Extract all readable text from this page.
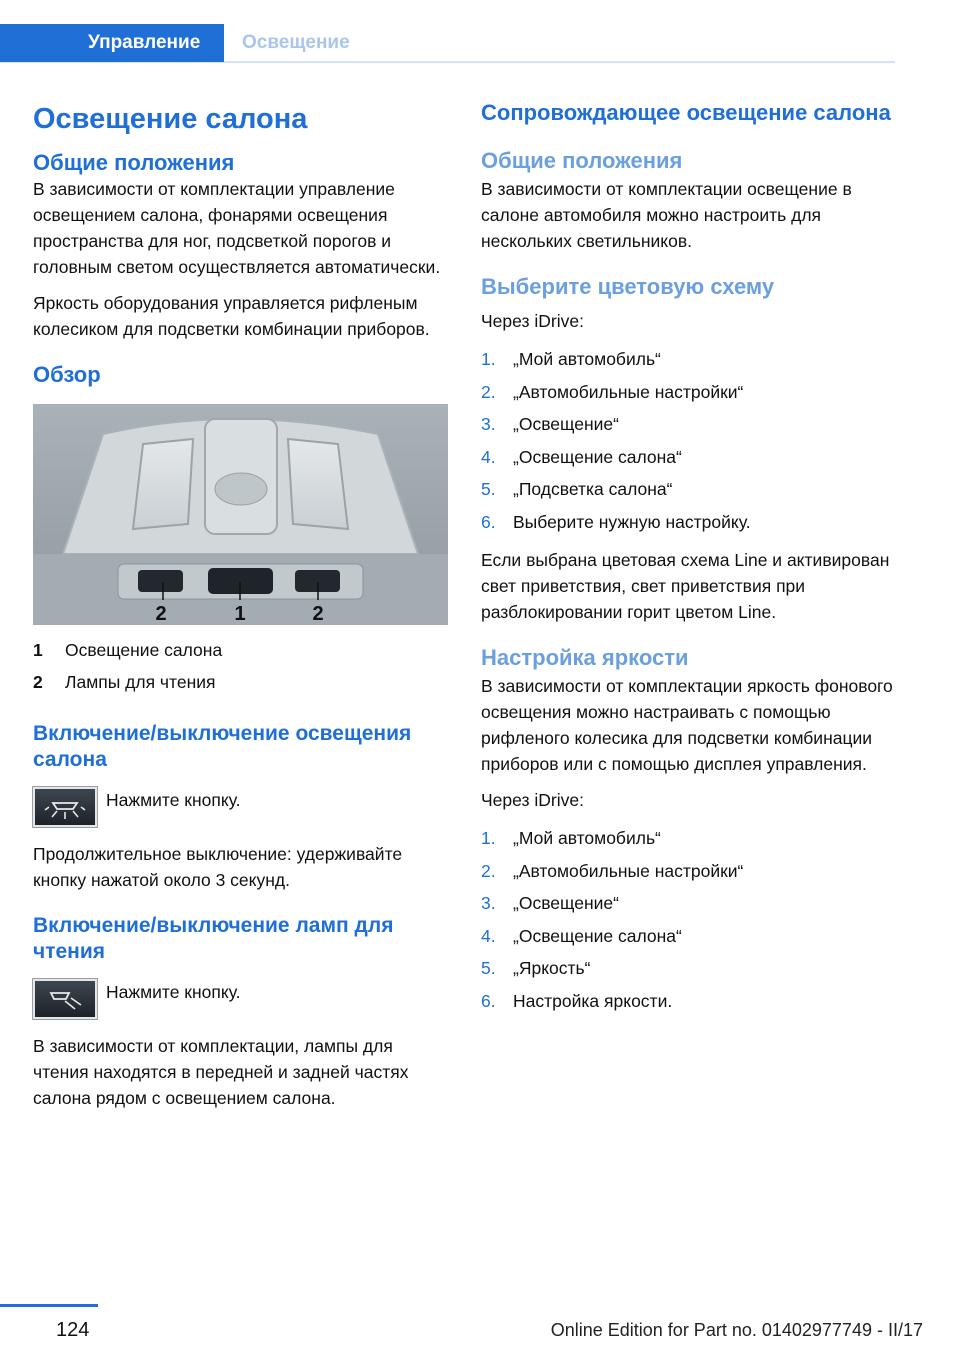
Управление	Освещение
Освещение салона
Общие положения

В зависимости от комплектации управление освещением салона, фонарями освещения пространства для ног, подсветкой порогов и головным светом осуществляется автоматически.

Яркость оборудования управляется рифленым колесиком для подсветки комбинации приборов.

Обзор
2	1	2
1	Освещение салона
2	Лампы для чтения
Включение/выключение освещения салона

Нажмите кнопку.

Продолжительное выключение: удерживайте кнопку нажатой около 3 секунд.

Включение/выключение ламп для чтения

Нажмите кнопку.

В зависимости от комплектации, лампы для чтения находятся в передней и задней частях салона рядом с освещением салона.

Сопровождающее освещение салона
Общие положения

В зависимости от комплектации освещение в салоне автомобиля можно настроить для нескольких светильников.

Выберите цветовую схему

Через iDrive:

1. „Мой автомобиль“
2. „Автомобильные настройки“
3. „Освещение“
4. „Освещение салона“
5. „Подсветка салона“
6. Выберите нужную настройку.

Если выбрана цветовая схема Line и активирован свет приветствия, свет приветствия при разблокировании горит цветом Line.

Настройка яркости

В зависимости от комплектации яркость фонового освещения можно настраивать с помощью рифленого колесика для подсветки комбинации приборов или с помощью дисплея управления.

Через iDrive:

1. „Мой автомобиль“
2. „Автомобильные настройки“
3. „Освещение“
4. „Освещение салона“
5. „Яркость“
6. Настройка яркости.
124	Online Edition for Part no. 01402977749 - II/17
